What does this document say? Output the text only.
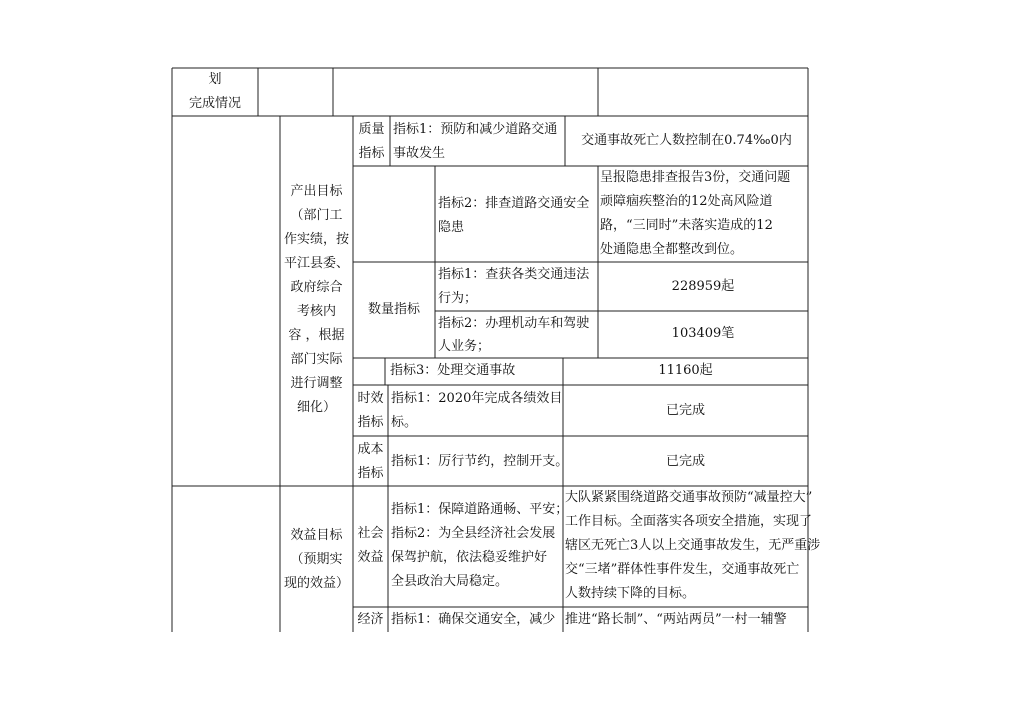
划
完成情况
产出目标
（部门工
作实绩，按
平江县委、
政府综合
考核内
容 ，根据
部门实际
进行调整
细化）
质量
指标
指标1：预防和减少道路交通
事故发生
交通事故死亡人数控制在0.74‰0内
指标2：排查道路交通安全
隐患
呈报隐患排查报告3份，交通问题
顽障痼疾整治的12处高风险道
路，“三同时”未落实造成的12
处通隐患全都整改到位。
数量指标
指标1：查获各类交通违法
行为；
228959起
指标2：办理机动车和驾驶
人业务；
103409笔
指标3：处理交通事故	11160起
时效
指标
指标1：2020年完成各绩效目
标。
已完成
成本
指标
指标1：厉行节约，控制开支。	已完成
效益目标
（预期实
现的效益）
社会
效益
指标1：保障道路通畅、平安；
指标2：为全县经济社会发展
保驾护航，依法稳妥维护好
全县政治大局稳定。
大队紧紧围绕道路交通事故预防“减量控大”
工作目标。全面落实各项安全措施，实现了
辖区无死亡3人以上交通事故发生，无严重涉
交“三堵”群体性事件发生，交通事故死亡
人数持续下降的目标。
经济 指标1：确保交通安全，减少 推进“路长制”、“两站两员”一村一辅警
